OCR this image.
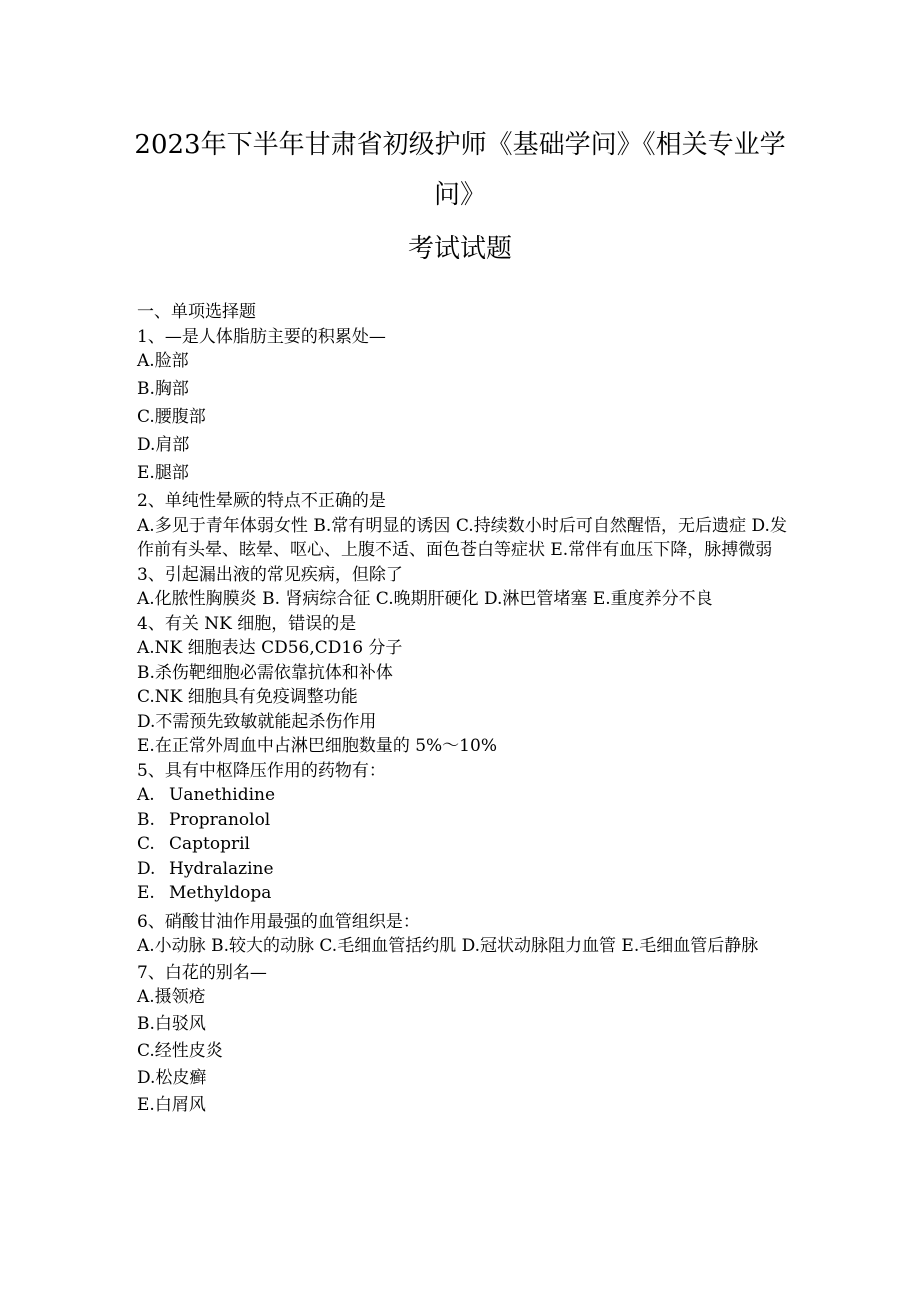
2023年下半年甘肃省初级护师《基础学问》《相关专业学
问》
考试试题
一、单项选择题
1、—是人体脂肪主要的积累处—
A.脸部
B.胸部
C.腰腹部
D.肩部
E.腿部
2、单纯性晕厥的特点不正确的是
A.多见于青年体弱女性 B.常有明显的诱因 C.持续数小时后可自然醒悟，无后遗症 D.发作前有头晕、眩晕、呕心、上腹不适、面色苍白等症状 E.常伴有血压下降，脉搏微弱
3、引起漏出液的常见疾病，但除了
A.化脓性胸膜炎 B. 肾病综合征 C.晚期肝硬化 D.淋巴管堵塞 E.重度养分不良
4、有关 NK 细胞，错误的是
A.NK 细胞表达 CD56,CD16 分子
B.杀伤靶细胞必需依靠抗体和补体
C.NK 细胞具有免疫调整功能
D.不需预先致敏就能起杀伤作用
E.在正常外周血中占淋巴细胞数量的 5%～10%
5、具有中枢降压作用的药物有：
A. Uanethidine
B. Propranolol
C. Captopril
D. Hydralazine
E. Methyldopa
6、硝酸甘油作用最强的血管组织是：
A.小动脉 B.较大的动脉 C.毛细血管括约肌 D.冠状动脉阻力血管 E.毛细血管后静脉
7、白花的别名—
A.摄领疮
B.白驳风
C.经性皮炎
D.松皮癣
E.白屑风
